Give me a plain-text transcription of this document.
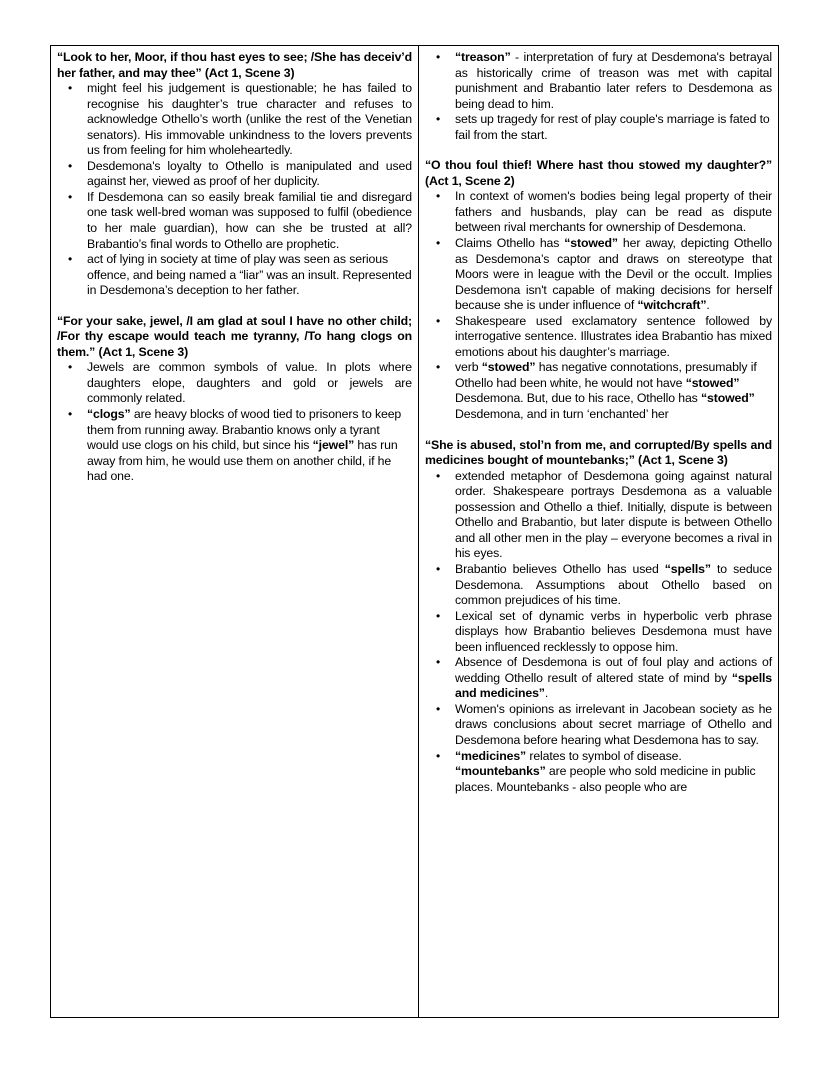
“Look to her, Moor, if thou hast eyes to see; /She has deceiv’d her father, and may thee” (Act 1, Scene 3)
• might feel his judgement is questionable; he has failed to recognise his daughter’s true character and refuses to acknowledge Othello’s worth (unlike the rest of the Venetian senators). His immovable unkindness to the lovers prevents us from feeling for him wholeheartedly.
• Desdemona's loyalty to Othello is manipulated and used against her, viewed as proof of her duplicity.
• If Desdemona can so easily break familial tie and disregard one task well-bred woman was supposed to fulfil (obedience to her male guardian), how can she be trusted at all? Brabantio’s final words to Othello are prophetic.
• act of lying in society at time of play was seen as serious offence, and being named a “liar” was an insult. Represented in Desdemona’s deception to her father.
“For your sake, jewel, /I am glad at soul I have no other child; /For thy escape would teach me tyranny, /To hang clogs on them.” (Act 1, Scene 3)
• Jewels are common symbols of value. In plots where daughters elope, daughters and gold or jewels are commonly related.
• “clogs” are heavy blocks of wood tied to prisoners to keep them from running away. Brabantio knows only a tyrant would use clogs on his child, but since his “jewel” has run away from him, he would use them on another child, if he had one.
• “treason” - interpretation of fury at Desdemona's betrayal as historically crime of treason was met with capital punishment and Brabantio later refers to Desdemona as being dead to him.
• sets up tragedy for rest of play couple's marriage is fated to fail from the start.
“O thou foul thief! Where hast thou stowed my daughter?” (Act 1, Scene 2)
• In context of women's bodies being legal property of their fathers and husbands, play can be read as dispute between rival merchants for ownership of Desdemona.
• Claims Othello has “stowed” her away, depicting Othello as Desdemona’s captor and draws on stereotype that Moors were in league with the Devil or the occult. Implies Desdemona isn't capable of making decisions for herself because she is under influence of “witchcraft”.
• Shakespeare used exclamatory sentence followed by interrogative sentence. Illustrates idea Brabantio has mixed emotions about his daughter’s marriage.
• verb “stowed” has negative connotations, presumably if Othello had been white, he would not have “stowed” Desdemona. But, due to his race, Othello has “stowed” Desdemona, and in turn ‘enchanted’ her
“She is abused, stol’n from me, and corrupted/By spells and medicines bought of mountebanks;” (Act 1, Scene 3)
• extended metaphor of Desdemona going against natural order. Shakespeare portrays Desdemona as a valuable possession and Othello a thief. Initially, dispute is between Othello and Brabantio, but later dispute is between Othello and all other men in the play – everyone becomes a rival in his eyes.
• Brabantio believes Othello has used “spells” to seduce Desdemona. Assumptions about Othello based on common prejudices of his time.
• Lexical set of dynamic verbs in hyperbolic verb phrase displays how Brabantio believes Desdemona must have been influenced recklessly to oppose him.
• Absence of Desdemona is out of foul play and actions of wedding Othello result of altered state of mind by “spells and medicines”.
• Women's opinions as irrelevant in Jacobean society as he draws conclusions about secret marriage of Othello and Desdemona before hearing what Desdemona has to say.
• “medicines” relates to symbol of disease. “mountebanks” are people who sold medicine in public places. Mountebanks - also people who are
